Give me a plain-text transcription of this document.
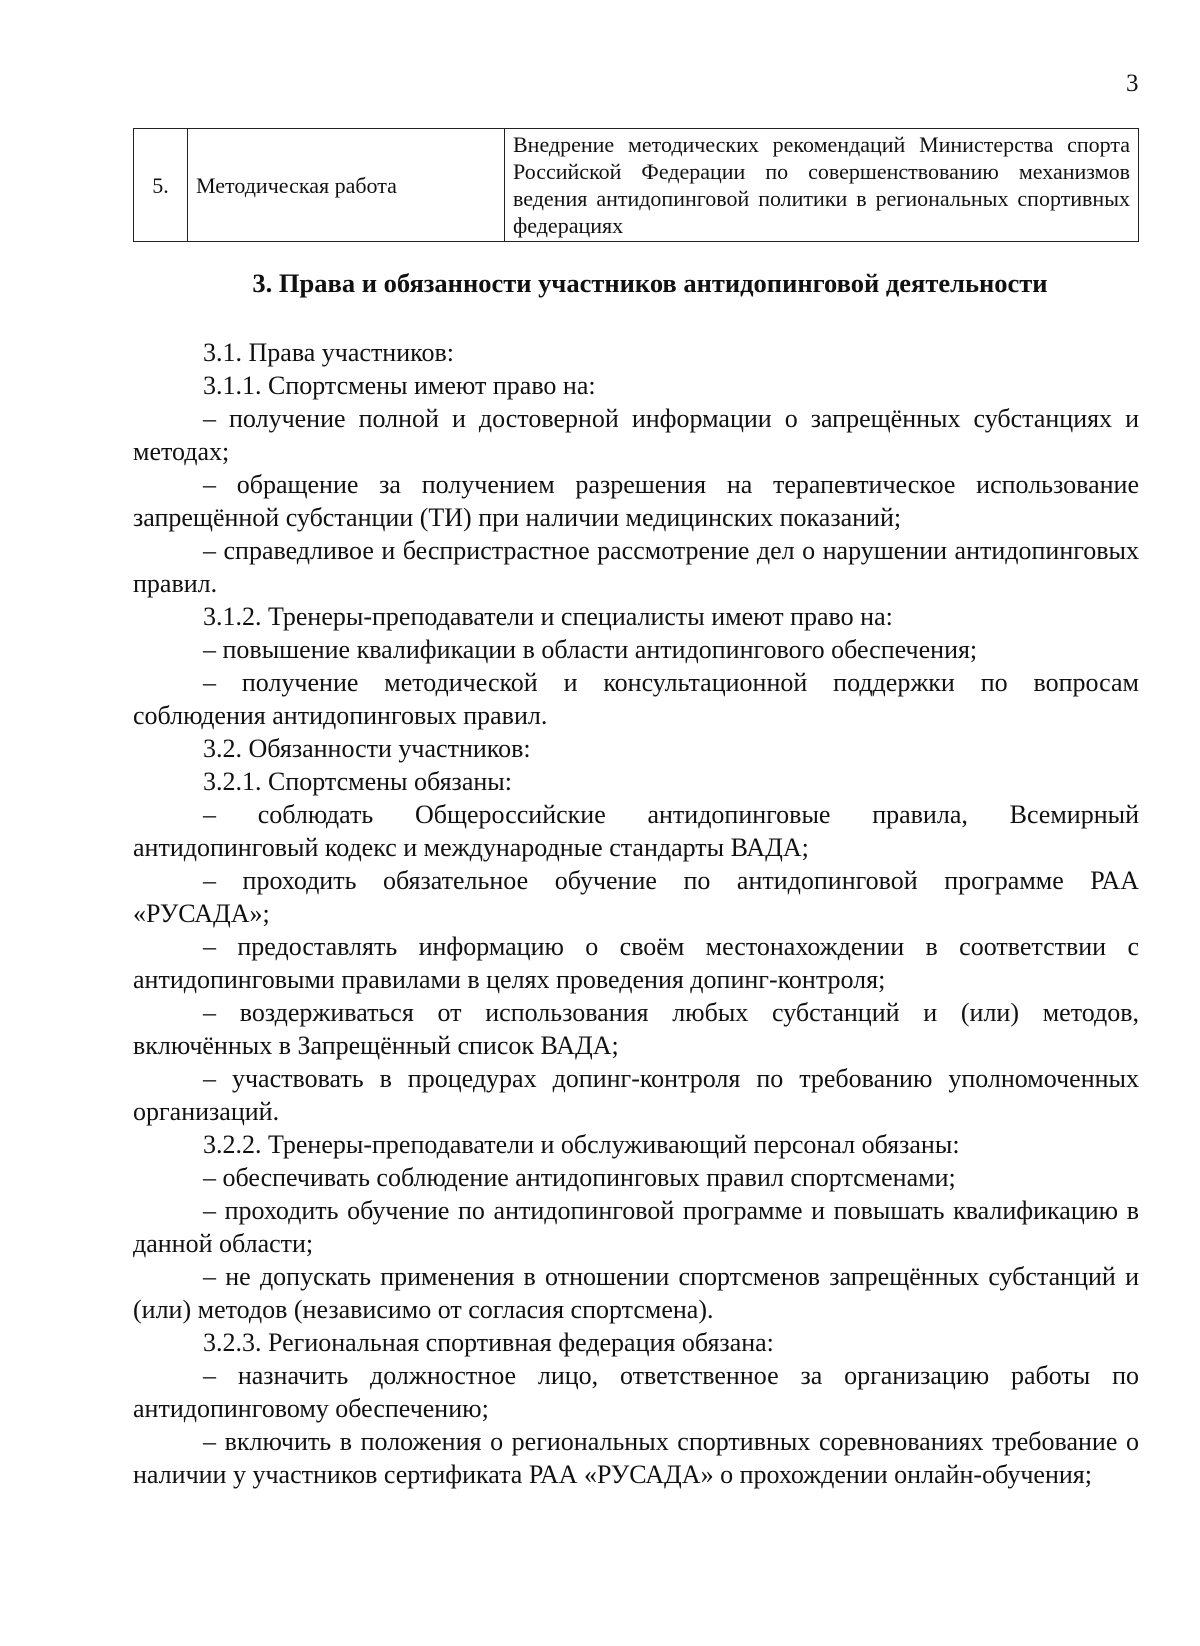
3
5.	Методическая работа	Внедрение методических рекомендаций Министерства спорта Российской Федерации по совершенствованию механизмов ведения антидопинговой политики в региональных спортивных федерациях
3. Права и обязанности участников антидопинговой деятельности

3.1. Права участников:

3.1.1. Спортсмены имеют право на:

– получение полной и достоверной информации о запрещённых субстанциях и методах;

– обращение за получением разрешения на терапевтическое использование запрещённой субстанции (ТИ) при наличии медицинских показаний;

– справедливое и беспристрастное рассмотрение дел о нарушении антидопинговых правил.

3.1.2. Тренеры-преподаватели и специалисты имеют право на:

– повышение квалификации в области антидопингового обеспечения;

– получение методической и консультационной поддержки по вопросам соблюдения антидопинговых правил.

3.2. Обязанности участников:

3.2.1. Спортсмены обязаны:

– соблюдать Общероссийские антидопинговые правила, Всемирный антидопинговый кодекс и международные стандарты ВАДА;

– проходить обязательное обучение по антидопинговой программе РАА «РУСАДА»;

– предоставлять информацию о своём местонахождении в соответствии с антидопинговыми правилами в целях проведения допинг-контроля;

– воздерживаться от использования любых субстанций и (или) методов, включённых в Запрещённый список ВАДА;

– участвовать в процедурах допинг-контроля по требованию уполномоченных организаций.

3.2.2. Тренеры-преподаватели и обслуживающий персонал обязаны:

– обеспечивать соблюдение антидопинговых правил спортсменами;

– проходить обучение по антидопинговой программе и повышать квалификацию в данной области;

– не допускать применения в отношении спортсменов запрещённых субстанций и (или) методов (независимо от согласия спортсмена).

3.2.3. Региональная спортивная федерация обязана:

– назначить должностное лицо, ответственное за организацию работы по антидопинговому обеспечению;

– включить в положения о региональных спортивных соревнованиях требование о наличии у участников сертификата РАА «РУСАДА» о прохождении онлайн-обучения;
